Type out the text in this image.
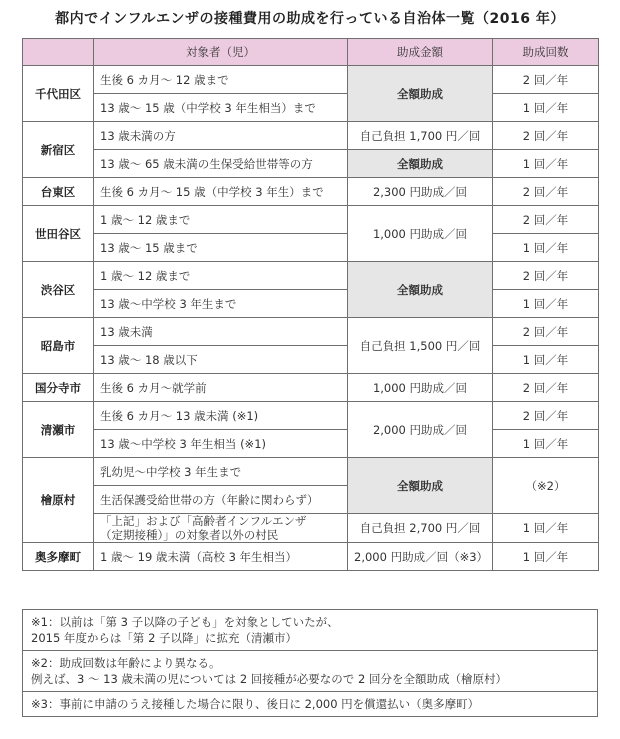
都内でインフルエンザの接種費用の助成を行っている自治体一覧（2016 年）
	対象者（児）	助成金額	助成回数
千代田区	生後 6 カ月〜 12 歳まで	全額助成	2 回／年
	13 歳〜 15 歳（中学校 3 年生相当）まで		1 回／年
新宿区	13 歳未満の方	自己負担 1,700 円／回	2 回／年
	13 歳〜 65 歳未満の生保受給世帯等の方	全額助成	1 回／年
台東区	生後 6 カ月〜 15 歳（中学校 3 年生）まで	2,300 円助成／回	2 回／年
世田谷区	1 歳〜 12 歳まで	1,000 円助成／回	2 回／年
	13 歳〜 15 歳まで		1 回／年
渋谷区	1 歳〜 12 歳まで	全額助成	2 回／年
	13 歳〜中学校 3 年生まで		1 回／年
昭島市	13 歳未満	自己負担 1,500 円／回	2 回／年
	13 歳〜 18 歳以下		1 回／年
国分寺市	生後 6 カ月〜就学前	1,000 円助成／回	2 回／年
清瀬市	生後 6 カ月〜 13 歳未満 (※1)	2,000 円助成／回	2 回／年
	13 歳〜中学校 3 年生相当 (※1)		1 回／年
檜原村	乳幼児〜中学校 3 年生まで	全額助成	（※2）
	生活保護受給世帯の方（年齢に関わらず）		

	「上記」および「高齢者インフルエンザ
（定期接種）」の対象者以外の村民	自己負担 2,700 円／回	1 回／年
奥多摩町	1 歳〜 19 歳未満（高校 3 年生相当）	2,000 円助成／回（※3）	1 回／年
※1：以前は「第 3 子以降の子ども」を対象としていたが、
2015 年度からは「第 2 子以降」に拡充（清瀬市）

※2：助成回数は年齢により異なる。
例えば、3 〜 13 歳未満の児については 2 回接種が必要なので 2 回分を全額助成（檜原村）

※3：事前に申請のうえ接種した場合に限り、後日に 2,000 円を償還払い（奥多摩町）
